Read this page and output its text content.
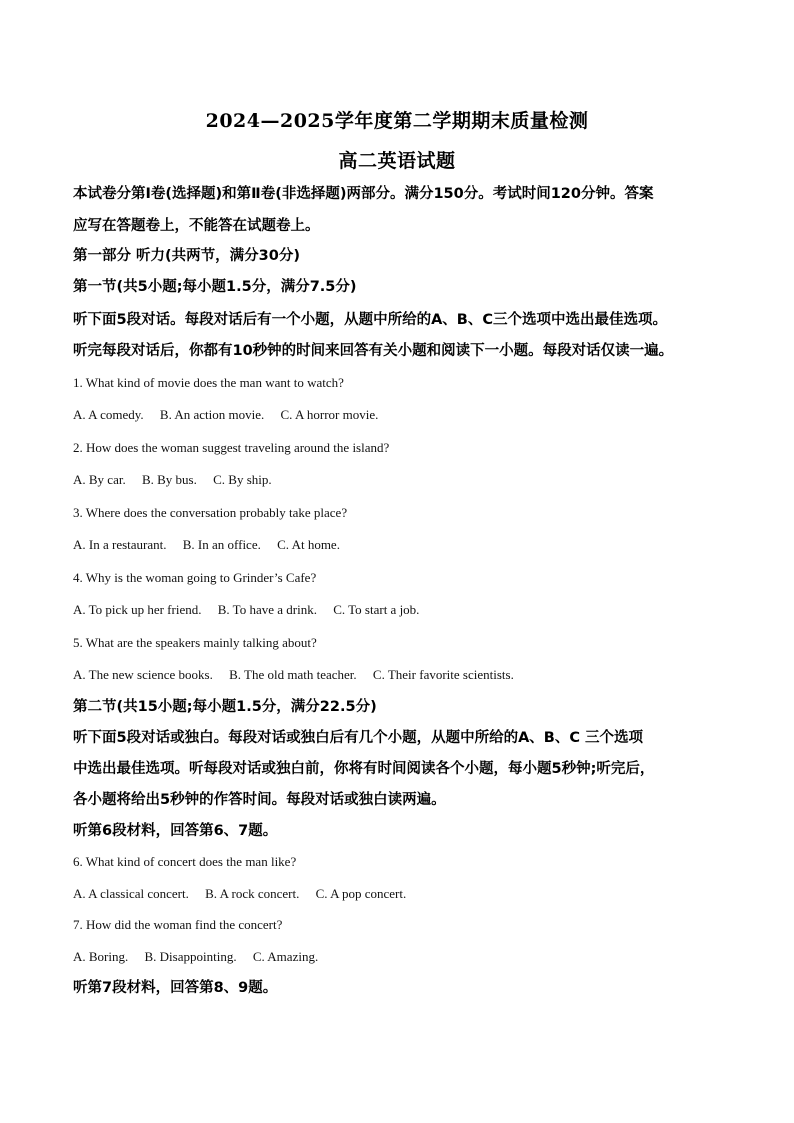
2024—2025学年度第二学期期末质量检测
高二英语试题
本试卷分第Ⅰ卷(选择题)和第Ⅱ卷(非选择题)两部分。满分150分。考试时间120分钟。答案
应写在答题卷上，不能答在试题卷上。
第一部分 听力(共两节，满分30分)
第一节(共5小题;每小题1.5分，满分7.5分)
听下面5段对话。每段对话后有一个小题，从题中所给的A、B、C三个选项中选出最佳选项。
听完每段对话后，你都有10秒钟的时间来回答有关小题和阅读下一小题。每段对话仅读一遍。
1. What kind of movie does the man want to watch?
A. A comedy. B. An action movie. C. A horror movie.
2. How does the woman suggest traveling around the island?
A. By car. B. By bus. C. By ship.
3. Where does the conversation probably take place?
A. In a restaurant. B. In an office. C. At home.
4. Why is the woman going to Grinder’s Cafe?
A. To pick up her friend. B. To have a drink. C. To start a job.
5. What are the speakers mainly talking about?
A. The new science books. B. The old math teacher. C. Their favorite scientists.
第二节(共15小题;每小题1.5分，满分22.5分)
听下面5段对话或独白。每段对话或独白后有几个小题，从题中所给的A、B、C 三个选项
中选出最佳选项。听每段对话或独白前，你将有时间阅读各个小题，每小题5秒钟;听完后，
各小题将给出5秒钟的作答时间。每段对话或独白读两遍。
听第6段材料，回答第6、7题。
6. What kind of concert does the man like?
A. A classical concert. B. A rock concert. C. A pop concert.
7. How did the woman find the concert?
A. Boring. B. Disappointing. C. Amazing.
听第7段材料，回答第8、9题。
